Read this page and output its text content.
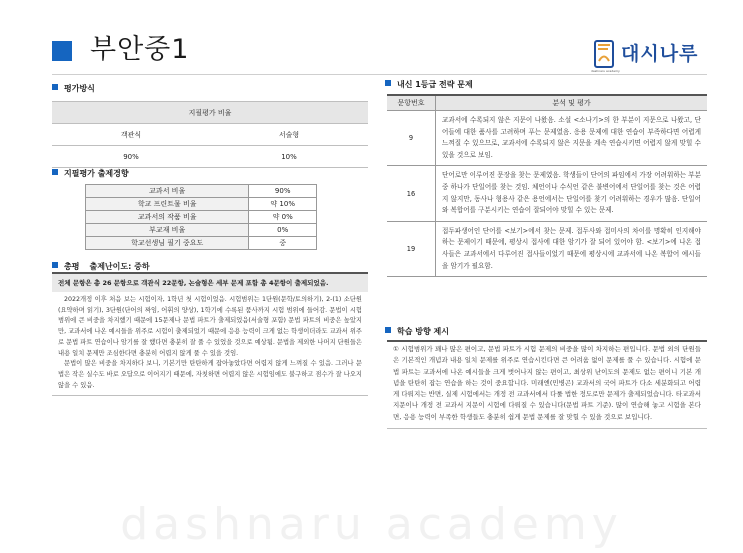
부안중1	대시나루
dashnaru academy
평가방식
지필평가 비율	
객관식	서술형
90%	10%
지필평가 출제경향
교과서 비율	90%
학교 프린트물 비율	약 10%
교과서의 작품 비율	약 0%
부교재 비율	0%
학교선생님 필기 중요도	중
총평 출제난이도: 중하
전체 문항은 총 26 문항으로 객관식 22문항, 논술형은 세부 문제 포함 총 4문항이 출제되었음.

2022개정 이후 처음 보는 시험이자, 1학년 첫 시험이었음. 시험범위는 1단원(문학/토의하기), 2-(1) 소단원(요약하며 읽기), 3단원(단어의 짜임, 어휘의 양상), 1학기에 수록된 품사까지 시험 범위에 들어감. 문법이 시험 범위에 큰 비중을 차지했기 때문에 15문제나 문법 파트가 출제되었음(서술형 포함) 문법 파트의 비중은 높았지만, 교과서에 나온 예시들을 위주로 시험이 출제되었기 때문에 응용 능력이 크게 없는 학생이더라도 교과서 위주로 문법 파트 연습이나 암기를 잘 했다면 충분히 잘 풀 수 있었을 것으로 예상됨. 문법을 제외한 나머지 단원들은 내용 일치 문제만 조심한다면 충분히 어렵지 않게 풀 수 있을 것임.

문법이 많은 비중을 차지하다 보니, 기본기만 탄탄하게 잡아놓았다면 어렵지 않게 느껴질 수 있음. 그러나 문법은 작은 실수도 바로 오답으로 이어지기 때문에, 자칫하면 어렵지 않은 시험임에도 불구하고 점수가 잘 나오지 않을 수 있음.

내신 1등급 전략 문제
문항번호	분석 및 평가
9	교과서에 수록되지 않은 지문이 나왔음. 소설 <소나기>의 한 부분이 지문으로 나왔고, 단어들에 대한 품사를 고려하며 푸는 문제였음. 응용 문제에 대한 연습이 부족하다면 어렵게 느껴질 수 있으므로, 교과서에 수록되지 않은 지문을 계속 연습시키면 어렵지 않게 맞힐 수 있을 것으로 보임.
16	단어로만 이루어진 문장을 찾는 문제였음. 학생들이 단어의 파임에서 가장 어려워하는 부분 중 하나가 단일어를 찾는 것임. 체언이나 수식언 같은 불변어에서 단일어를 찾는 것은 어렵지 않지만, 동사나 형용사 같은 용언에서는 단일어를 찾기 어려워하는 경우가 많음. 단일어와 복합어를 구분시키는 연습이 잘되어야 맞힐 수 있는 문제.
19	접두파생어인 단어를 <보기>에서 찾는 문제. 접두사와 접미사의 차이를 명확히 인지해야 하는 문제이기 때문에, 평상시 접사에 대한 암기가 잘 되어 있어야 함. <보기>에 나온 접사들은 교과서에서 다루어진 접사들이었기 때문에 평상시에 교과서에 나온 복합어 예시들을 암기가 필요함.
학습 방향 제시
① 시험범위가 꽤나 많은 편이고, 문법 파트가 시험 문제의 비중을 많이 차지하는 편입니다. 문법 외의 단원들은 기본적인 개념과 내용 일치 문제를 위주로 연습시킨다면 큰 어려움 없이 문제를 풀 수 있습니다. 시험에 문법 파트는 교과서에 나온 예시들을 크게 벗어나지 않는 편이고, 최상위 난이도의 문제도 없는 편이니 기본 개념을 탄탄히 잡는 연습을 하는 것이 중요합니다. 미래엔(민병곤) 교과서의 국어 파트가 다소 세분화되고 어렵게 다뤄지는 반면, 실제 시험에서는 개정 전 교과서에서 다룰 법한 정도로만 문제가 출제되었습니다. 타교과서 지문이나 개정 전 교과서 지문이 시험에 다뤄질 수 있습니다(문법 파트 기준). 많이 연습해 놓고 시험을 본다면, 응용 능력이 부족한 학생들도 충분히 쉽게 문법 문제를 잘 맞힐 수 있을 것으로 보입니다.
dashnaru academy
